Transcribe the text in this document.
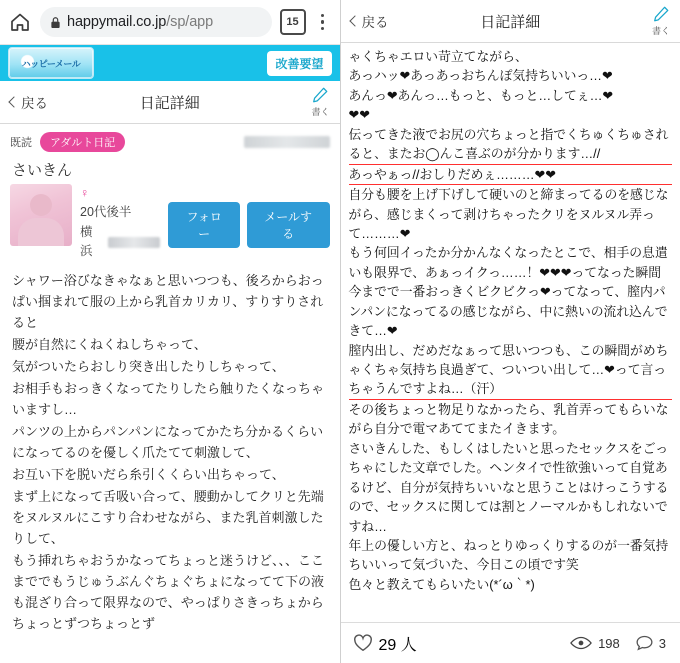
happymail.co.jp/sp/app	15
ハッピーメール	改善要望
戻る	日記詳細
書く
既読	アダルト日記
さいきん
♀
20代後半
横浜
フォロー
メールする

シャワー浴びなきゃなぁと思いつつも、後ろからおっぱい掴まれて服の上から乳首カリカリ、すりすりされると

腰が自然にくねくねしちゃって、

気がついたらおしり突き出したりしちゃって、

お相手もおっきくなってたりしたら触りたくなっちゃいますし…

パンツの上からパンパンになってかたち分かるくらいになってるのを優しく爪たてて刺激して、

お互い下を脱いだら糸引くくらい出ちゃって、

まず上になって舌吸い合って、腰動かしてクリと先端をヌルヌルにこすり合わせながら、また乳首刺激したりして、

もう挿れちゃおうかなってちょっと迷うけど、、、ここまででもうじゅうぶんぐちょぐちょになってて下の液も混ざり合って限界なので、やっぱりさきっちょからちょっとずつちょっとず

戻る	日記詳細
書く

ゃくちゃエロい苛立てながら、

あっハッ❤あっあっおちんぽ気持ちいいっ…❤

あんっ❤あんっ…もっと、もっと…してぇ…❤

❤❤

伝ってきた液でお尻の穴ちょっと指でくちゅくちゅされると、またお◯んこ喜ぶのが分かります…//

あっやぁっ//おしりだめぇ………❤❤

自分も腰を上げ下げして硬いのと締まってるのを感じながら、感じまくって剥けちゃったクリをヌルヌル弄って………❤

もう何回イったか分かんなくなったとこで、相手の息遣いも限界で、あぁっイクっ……！❤❤❤ってなった瞬間今までで一番おっきくビクビクっ❤ってなって、膣内パンパンになってるの感じながら、中に熱いの流れ込んできて…❤

膣内出し、だめだなぁって思いつつも、この瞬間がめちゃくちゃ気持ち良過ぎて、ついつい出して…❤って言っちゃうんですよね…（汗）

その後ちょっと物足りなかったら、乳首弄ってもらいながら自分で電マあててまたイきます。

さいきんした、もしくはしたいと思ったセックスをごっちゃにした文章でした。ヘンタイで性欲強いって自覚あるけど、自分が気持ちいいなと思うことはけっこうするので、セックスに関しては割とノーマルかもしれないですね…

年上の優しい方と、ねっとりゆっくりするのが一番気持ちいいって気づいた、今日この頃です笑

色々と教えてもらいたい(*´ω｀*)

29 人	198	3
